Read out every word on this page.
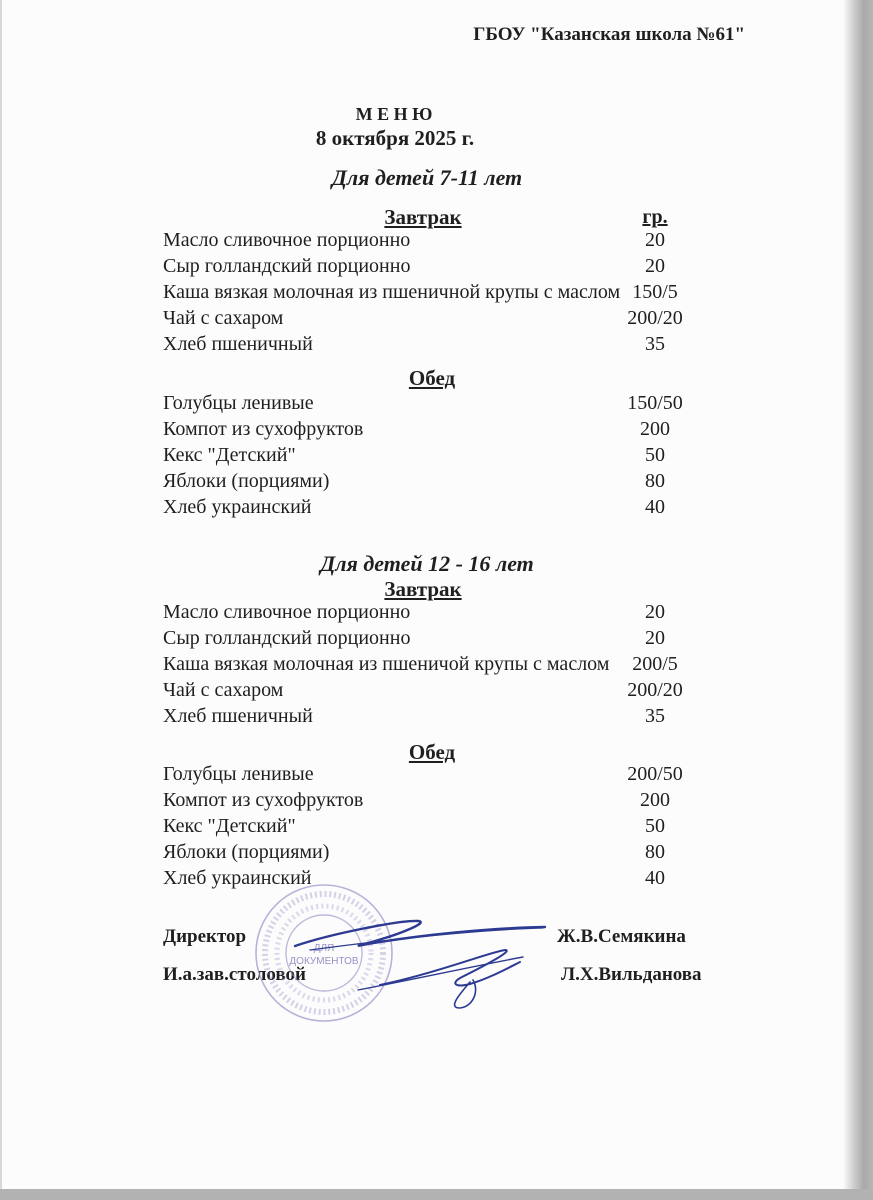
ГБОУ "Казанская школа №61"
М Е Н Ю
8 октября 2025 г.
Для детей 7-11 лет
Завтрак	гр.
Масло сливочное порционно	20
Сыр голландский порционно	20
Каша вязкая молочная из пшеничной крупы с маслом 150/5
Чай с сахаром	200/20
Хлеб пшеничный	35
Обед
Голубцы ленивые	150/50
Компот из сухофруктов	200
Кекс "Детский"	50
Яблоки (порциями)	80
Хлеб украинский	40
Для детей 12 - 16 лет
Завтрак
Масло сливочное порционно	20
Сыр голландский порционно	20
Каша вязкая молочная из пшеничой крупы с маслом	200/5
Чай с сахаром	200/20
Хлеб пшеничный	35
Обед
Голубцы ленивые	200/50
Компот из сухофруктов	200
Кекс "Детский"	50
Яблоки (порциями)	80
Хлеб украинский	40
Директор	Ж.В.Семякина
И.а.зав.столовой	Л.Х.Вильданова
ДЛЯ
ДОКУМЕНТОВ
